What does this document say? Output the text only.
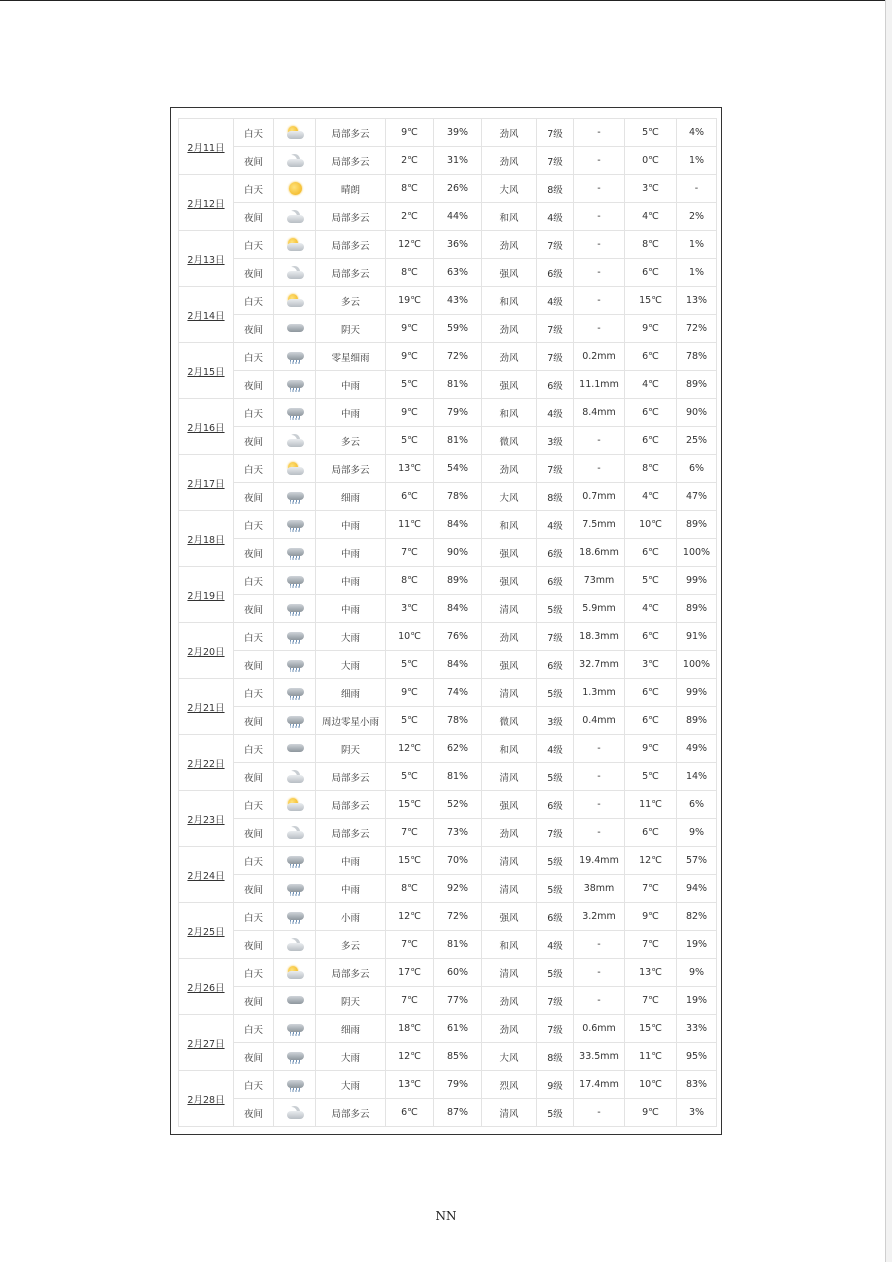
2月11日	白天		局部多云	9℃	39%	劲风	7级	-	5℃	4%
	夜间		局部多云	2℃	31%	劲风	7级	-	0℃	1%
2月12日	白天		晴朗	8℃	26%	大风	8级	-	3℃	-
	夜间		局部多云	2℃	44%	和风	4级	-	4℃	2%
2月13日	白天		局部多云	12℃	36%	劲风	7级	-	8℃	1%
	夜间		局部多云	8℃	63%	强风	6级	-	6℃	1%
2月14日	白天		多云	19℃	43%	和风	4级	-	15℃	13%
	夜间		阴天	9℃	59%	劲风	7级	-	9℃	72%
2月15日	白天		零星细雨	9℃	72%	劲风	7级	0.2mm	6℃	78%
	夜间		中雨	5℃	81%	强风	6级	11.1mm	4℃	89%
2月16日	白天		中雨	9℃	79%	和风	4级	8.4mm	6℃	90%
	夜间		多云	5℃	81%	微风	3级	-	6℃	25%
2月17日	白天		局部多云	13℃	54%	劲风	7级	-	8℃	6%
	夜间		细雨	6℃	78%	大风	8级	0.7mm	4℃	47%
2月18日	白天		中雨	11℃	84%	和风	4级	7.5mm	10℃	89%
	夜间		中雨	7℃	90%	强风	6级	18.6mm	6℃	100%
2月19日	白天		中雨	8℃	89%	强风	6级	73mm	5℃	99%
	夜间		中雨	3℃	84%	清风	5级	5.9mm	4℃	89%
2月20日	白天		大雨	10℃	76%	劲风	7级	18.3mm	6℃	91%
	夜间		大雨	5℃	84%	强风	6级	32.7mm	3℃	100%
2月21日	白天		细雨	9℃	74%	清风	5级	1.3mm	6℃	99%
	夜间		周边零星小雨	5℃	78%	微风	3级	0.4mm	6℃	89%
2月22日	白天		阴天	12℃	62%	和风	4级	-	9℃	49%
	夜间		局部多云	5℃	81%	清风	5级	-	5℃	14%
2月23日	白天		局部多云	15℃	52%	强风	6级	-	11℃	6%
	夜间		局部多云	7℃	73%	劲风	7级	-	6℃	9%
2月24日	白天		中雨	15℃	70%	清风	5级	19.4mm	12℃	57%
	夜间		中雨	8℃	92%	清风	5级	38mm	7℃	94%
2月25日	白天		小雨	12℃	72%	强风	6级	3.2mm	9℃	82%
	夜间		多云	7℃	81%	和风	4级	-	7℃	19%
2月26日	白天		局部多云	17℃	60%	清风	5级	-	13℃	9%
	夜间		阴天	7℃	77%	劲风	7级	-	7℃	19%
2月27日	白天		细雨	18℃	61%	劲风	7级	0.6mm	15℃	33%
	夜间		大雨	12℃	85%	大风	8级	33.5mm	11℃	95%
2月28日	白天		大雨	13℃	79%	烈风	9级	17.4mm	10℃	83%
	夜间		局部多云	6℃	87%	清风	5级	-	9℃	3%
NN
